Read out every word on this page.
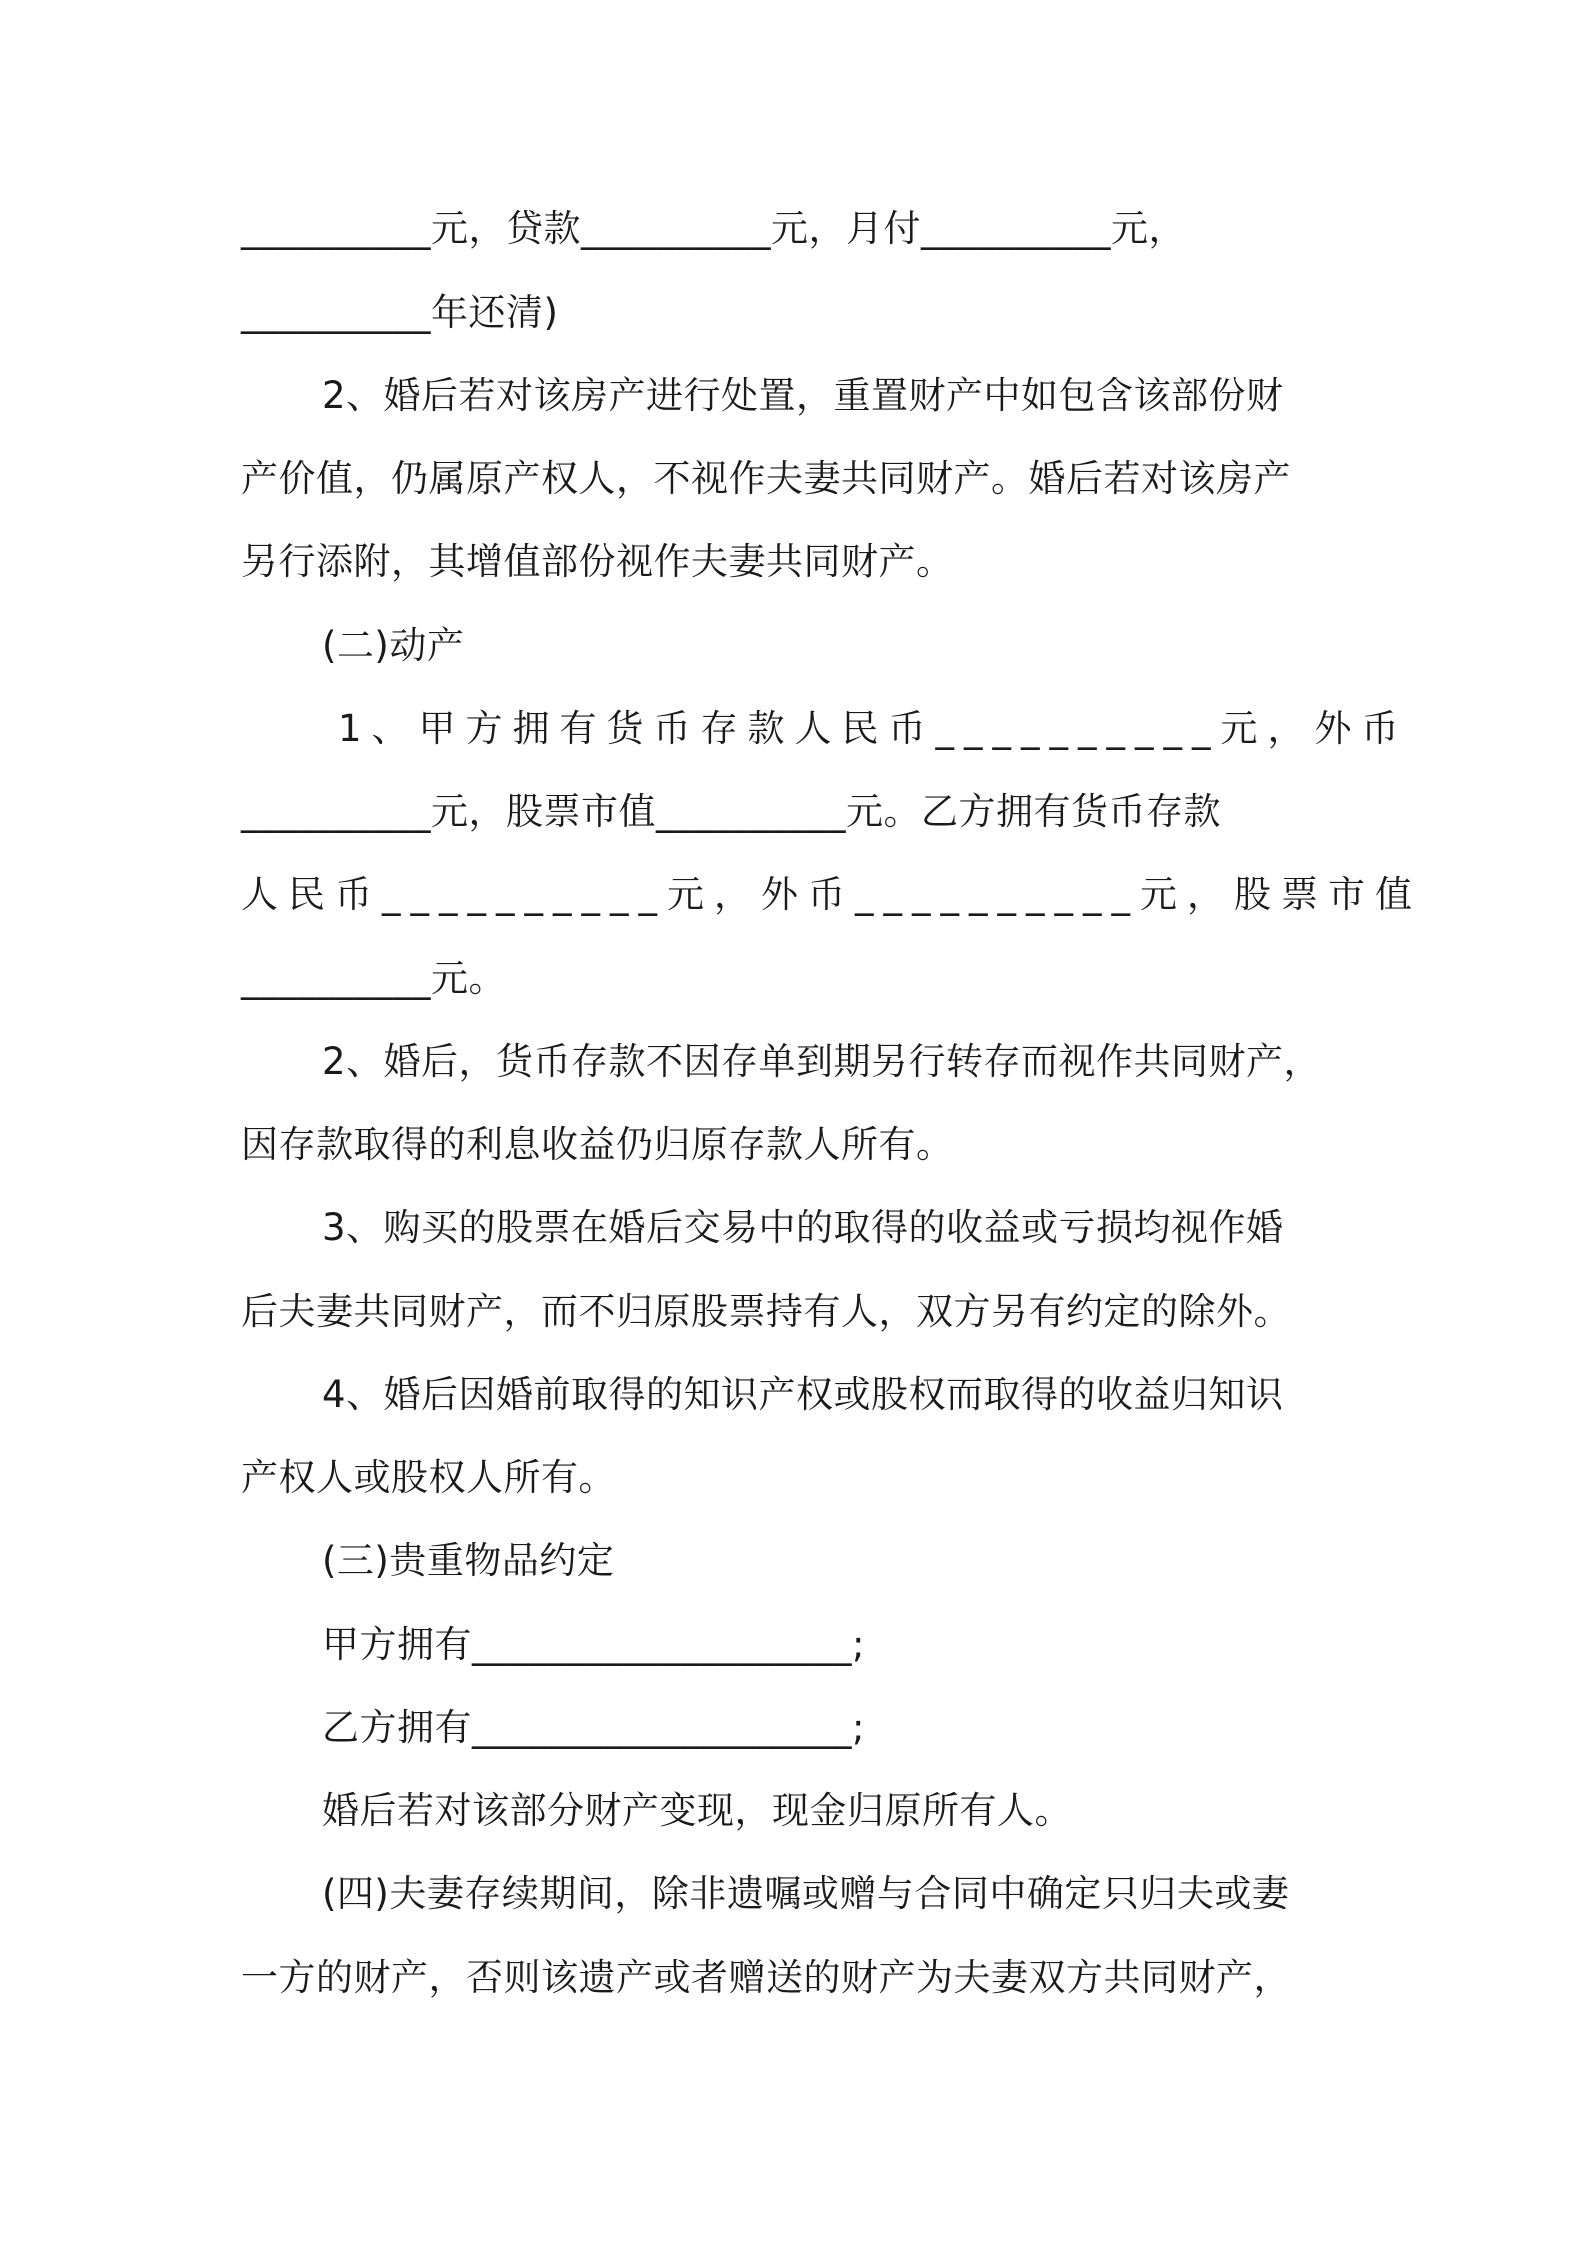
__________元，贷款__________元，月付__________元，
__________年还清)
2、婚后若对该房产进行处置，重置财产中如包含该部份财
产价值，仍属原产权人，不视作夫妻共同财产。婚后若对该房产
另行添附，其增值部份视作夫妻共同财产。
(二)动产
1、甲方拥有货币存款人民币__________元，外币
__________元，股票市值__________元。乙方拥有货币存款
人民币__________元，外币__________元，股票市值
__________元。
2、婚后，货币存款不因存单到期另行转存而视作共同财产，
因存款取得的利息收益仍归原存款人所有。
3、购买的股票在婚后交易中的取得的收益或亏损均视作婚
后夫妻共同财产，而不归原股票持有人，双方另有约定的除外。
4、婚后因婚前取得的知识产权或股权而取得的收益归知识
产权人或股权人所有。
(三)贵重物品约定
甲方拥有____________________;
乙方拥有____________________;
婚后若对该部分财产变现，现金归原所有人。
(四)夫妻存续期间，除非遗嘱或赠与合同中确定只归夫或妻
一方的财产，否则该遗产或者赠送的财产为夫妻双方共同财产，
